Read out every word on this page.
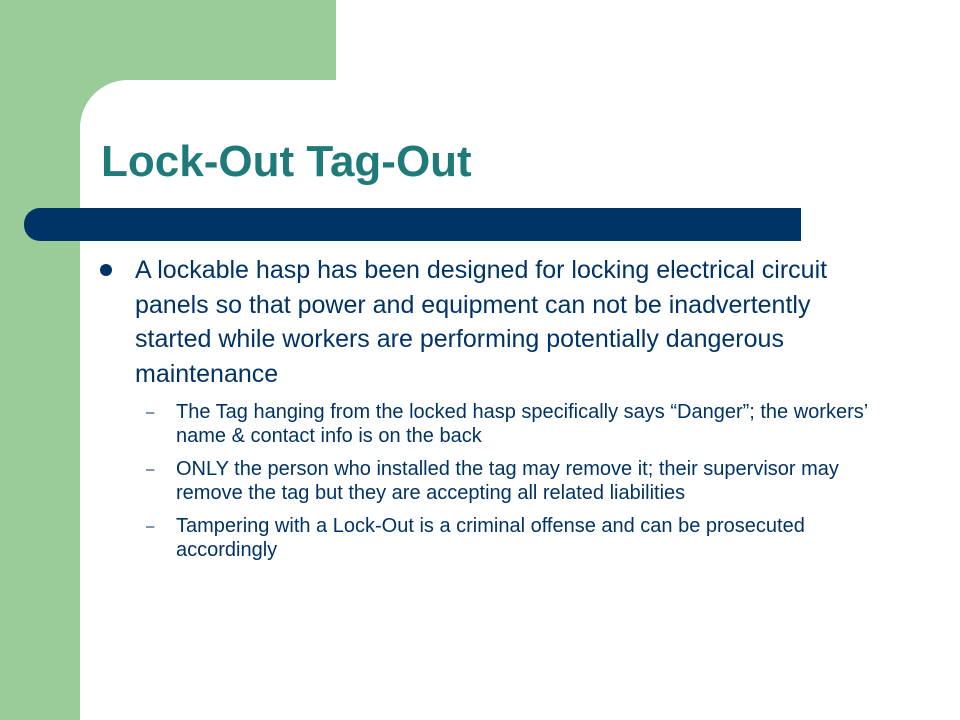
Lock-Out Tag-Out
A lockable hasp has been designed for locking electrical circuit panels so that power and equipment can not be inadvertently started while workers are performing potentially dangerous maintenance
– The Tag hanging from the locked hasp specifically says “Danger”; the workers’ name & contact info is on the back
– ONLY the person who installed the tag may remove it; their supervisor may remove the tag but they are accepting all related liabilities
– Tampering with a Lock-Out is a criminal offense and can be prosecuted accordingly
